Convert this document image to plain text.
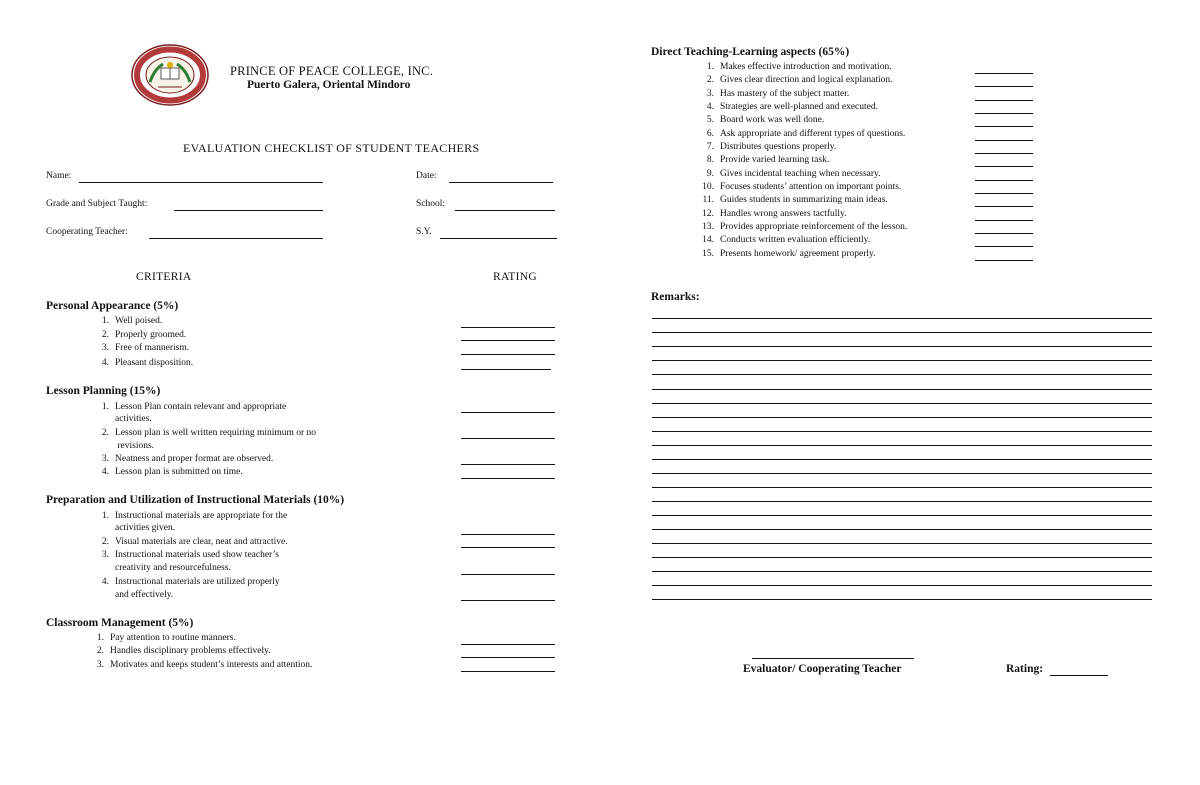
PRINCE OF PEACE COLLEGE, INC.
Puerto Galera, Oriental Mindoro
EVALUATION CHECKLIST OF STUDENT TEACHERS
Name:	Date:
Grade and Subject Taught:	School:
Cooperating Teacher:	S.Y.
CRITERIA	RATING
Personal Appearance (5%)
1. Well poised.
2. Properly groomed.
3. Free of mannerism.
4. Pleasant disposition.
Lesson Planning (15%)
1. Lesson Plan contain relevant and appropriate
activities.
2. Lesson plan is well written requiring minimum or no
revisions.
3. Neatness and proper format are observed.
4. Lesson plan is submitted on time.
Preparation and Utilization of Instructional Materials (10%)
1. Instructional materials are appropriate for the
activities given.
2. Visual materials are clear, neat and attractive.
3. Instructional materials used show teacher’s
creativity and resourcefulness.
4. Instructional materials are utilized properly
and effectively.
Classroom Management (5%)
1. Pay attention to routine manners.
2. Handles disciplinary problems effectively.
3. Motivates and keeps student’s interests and attention.
Direct Teaching-Learning aspects (65%)
1. Makes effective introduction and motivation.
2. Gives clear direction and logical explanation.
3. Has mastery of the subject matter.
4. Strategies are well-planned and executed.
5. Board work was well done.
6. Ask appropriate and different types of questions.
7. Distributes questions properly.
8. Provide varied learning task.
9. Gives incidental teaching when necessary.
10. Focuses students’ attention on important points.
11. Guides students in summarizing main ideas.
12. Handles wrong answers tactfully.
13. Provides appropriate reinforcement of the lesson.
14. Conducts written evaluation efficiently.
15. Presents homework/ agreement properly.
Remarks:
Evaluator/ Cooperating Teacher	Rating:
